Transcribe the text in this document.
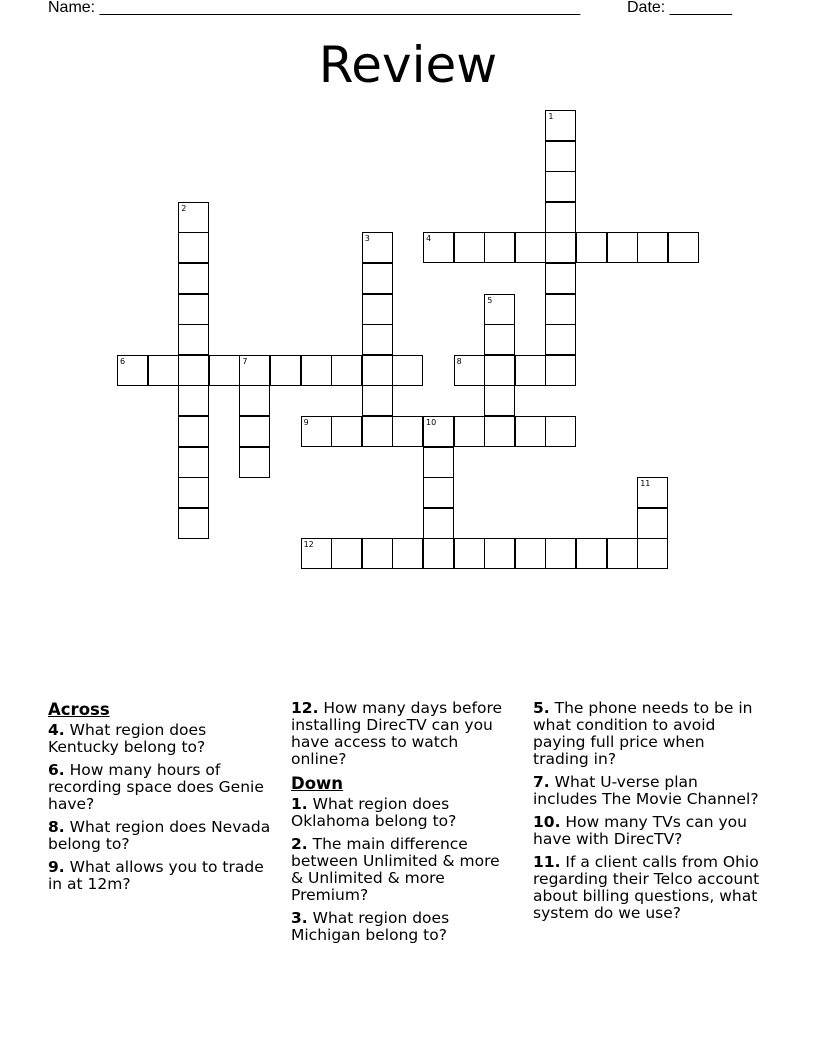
Name: ______________________________________________________	Date: _______
Review
1
2
3	4
5
6	7	8
9	10
11
12
Across
4. What region does Kentucky belong to?
6. How many hours of recording space does Genie have?
8. What region does Nevada belong to?
9. What allows you to trade in at 12m?
12. How many days before installing DirecTV can you have access to watch online?
Down
1. What region does Oklahoma belong to?
2. The main difference between Unlimited & more & Unlimited & more Premium?
3. What region does Michigan belong to?
5. The phone needs to be in what condition to avoid paying full price when trading in?
7. What U-verse plan includes The Movie Channel?
10. How many TVs can you have with DirecTV?
11. If a client calls from Ohio regarding their Telco account about billing questions, what system do we use?
